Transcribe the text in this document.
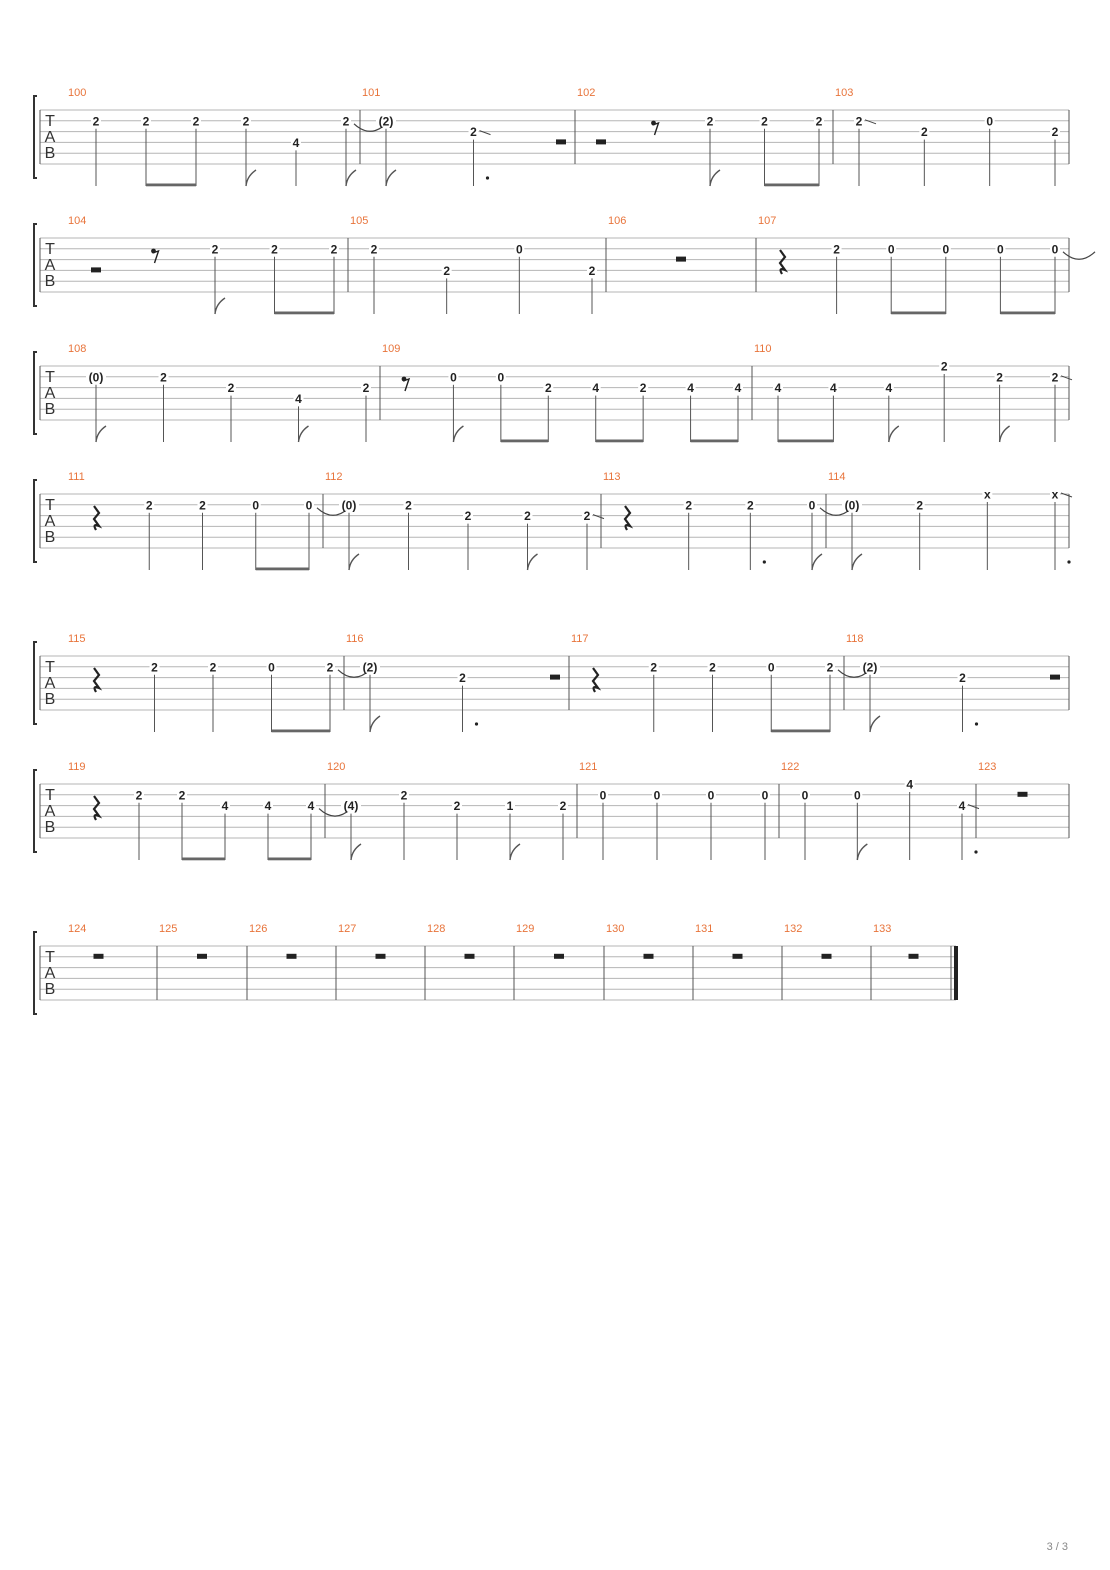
T
A
B
100
2	2	2	2
4
2
101
(2)
2
102
2	2	2
103
2
2
0
2
T
A
B
104
2	2	2
105
2
2
0
2
106	107
2	0	0	0	0
T
A
B
108
(0)	2
2
4
2
109
0	0
2	4	2	4	4
110
4	4	4
2
2	2
T
A
B
111
2	2	0	0
112
(0)	2
2	2	2
113
2	2	0
114
(0)	2
x	x
T
A
B
115
2	2	0	2
116
(2)
2
117
2	2	0	2
118
(2)
2
T
A
B
119
2	2
4	4	4
120
(4)
2
2	1	2
121
0	0	0	0
122
0	0
4
4
123
T
A
B
124	125	126	127	128	129	130	131	132	133
3 / 3
